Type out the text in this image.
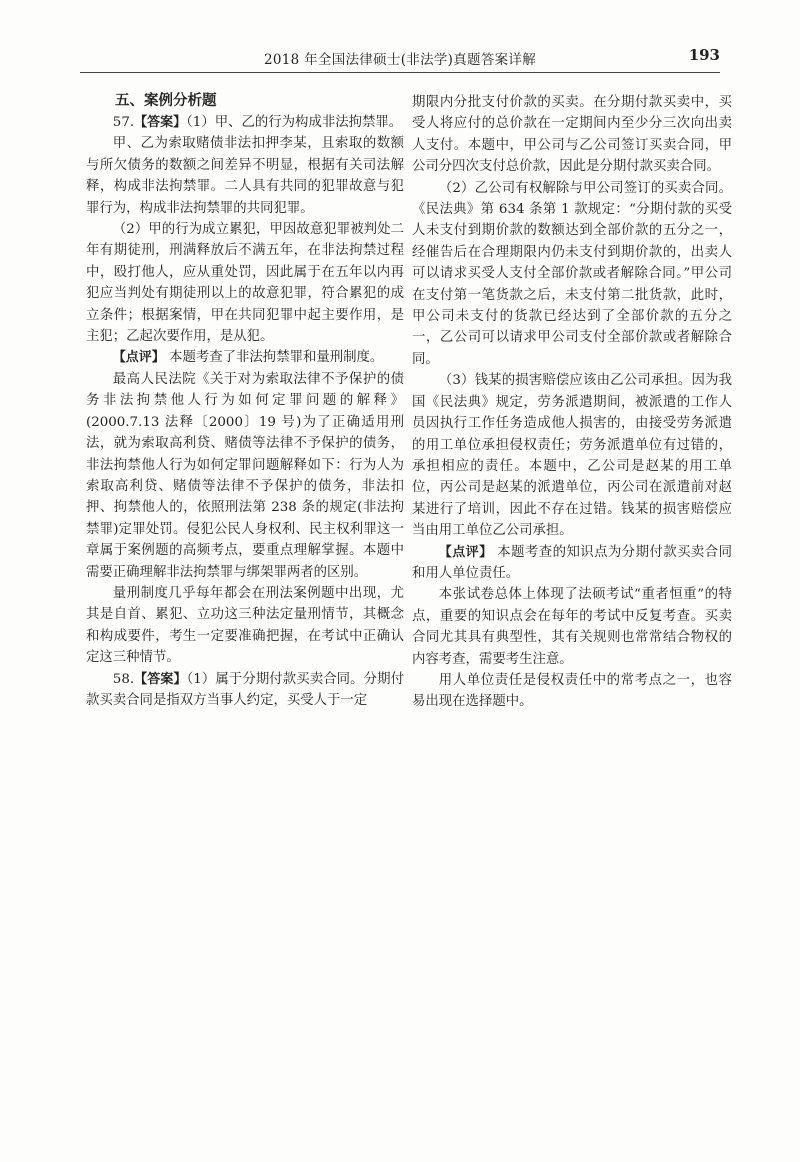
2018 年全国法律硕士(非法学)真题答案详解	193

五、案例分析题

57.【答案】（1）甲、乙的行为构成非法拘禁罪。

甲、乙为索取赌债非法扣押李某，且索取的数额与所欠债务的数额之间差异不明显，根据有关司法解释，构成非法拘禁罪。二人具有共同的犯罪故意与犯罪行为，构成非法拘禁罪的共同犯罪。

（2）甲的行为成立累犯，甲因故意犯罪被判处二年有期徒刑，刑满释放后不满五年，在非法拘禁过程中，殴打他人，应从重处罚，因此属于在五年以内再犯应当判处有期徒刑以上的故意犯罪，符合累犯的成立条件；根据案情，甲在共同犯罪中起主要作用，是主犯；乙起次要作用，是从犯。

【点评】 本题考查了非法拘禁罪和量刑制度。

最高人民法院《关于对为索取法律不予保护的债务非法拘禁他人行为如何定罪问题的解释》(2000.7.13 法释〔2000〕19 号)为了正确适用刑法，就为索取高利贷、赌债等法律不予保护的债务，非法拘禁他人行为如何定罪问题解释如下：行为人为索取高利贷、赌债等法律不予保护的债务，非法扣押、拘禁他人的，依照刑法第 238 条的规定(非法拘禁罪)定罪处罚。侵犯公民人身权利、民主权利罪这一章属于案例题的高频考点，要重点理解掌握。本题中需要正确理解非法拘禁罪与绑架罪两者的区别。

量刑制度几乎每年都会在刑法案例题中出现，尤其是自首、累犯、立功这三种法定量刑情节，其概念和构成要件，考生一定要准确把握，在考试中正确认定这三种情节。

58.【答案】（1）属于分期付款买卖合同。分期付款买卖合同是指双方当事人约定，买受人于一定

期限内分批支付价款的买卖。在分期付款买卖中，买受人将应付的总价款在一定期间内至少分三次向出卖人支付。本题中，甲公司与乙公司签订买卖合同，甲公司分四次支付总价款，因此是分期付款买卖合同。

（2）乙公司有权解除与甲公司签订的买卖合同。《民法典》第 634 条第 1 款规定：“分期付款的买受人未支付到期价款的数额达到全部价款的五分之一，经催告后在合理期限内仍未支付到期价款的，出卖人可以请求买受人支付全部价款或者解除合同。”甲公司在支付第一笔货款之后，未支付第二批货款，此时，甲公司未支付的货款已经达到了全部价款的五分之一，乙公司可以请求甲公司支付全部价款或者解除合同。

（3）钱某的损害赔偿应该由乙公司承担。因为我国《民法典》规定，劳务派遣期间，被派遣的工作人员因执行工作任务造成他人损害的，由接受劳务派遣的用工单位承担侵权责任；劳务派遣单位有过错的，承担相应的责任。本题中，乙公司是赵某的用工单位，丙公司是赵某的派遣单位，丙公司在派遣前对赵某进行了培训，因此不存在过错。钱某的损害赔偿应当由用工单位乙公司承担。

【点评】 本题考查的知识点为分期付款买卖合同和用人单位责任。

本张试卷总体上体现了法硕考试“重者恒重”的特点，重要的知识点会在每年的考试中反复考查。买卖合同尤其具有典型性，其有关规则也常常结合物权的内容考查，需要考生注意。

用人单位责任是侵权责任中的常考点之一，也容易出现在选择题中。
